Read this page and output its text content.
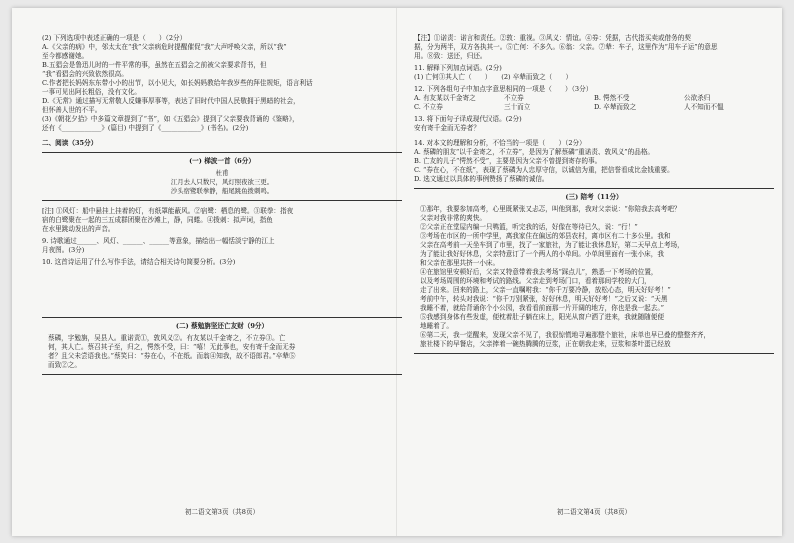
(2) 下列选项中表述正确的一项是（　　）（2分）
A.《父亲的病》中，邻太太在“我”父亲病危时提醒催促“我”大声呼唤父亲，所以“我”
至今都感谢她。
B.五猖会是鲁迅儿时的一件平常的事，虽然在五猖会之前被父亲要求背书，但
“我”看猖会的兴致依然很高。
C.作者把长妈妈东东带小小的出节，以小见大，如长妈妈教给年我岁些的拜佳规矩，语言利话
一事可见出阿长粗俗，没有文化。
D.《无常》通过描写无常敬人反嫌事厚事等，表达了旧时代中国人民敬拥于黑暗的社会，
但怀善人世的不平。
(3)《朝花夕拾》中多篇文章提到了“书”，如《五猖会》提到了父亲要我背诵的《鉴略》，
还有《____________》(篇目) 中提到了《____________》(书名)。(2分)
二、阅读（35分）
(一) 梯波一首（6分）
杜甫
江月去人只数尺，风灯照夜欲三更。
沙头宿鹭联拳静，船尾跳鱼拨刺鸣。
[注] ①风灯：船中悬挂上挂着的灯，有纸罩能蔽风。②宿鹭：栖息的鹭。③联拳：指夜
宿的白鹭聚在一起的三五成群团聚在沙滩上，静，同蜷。④拨刺：拟声词，指鱼
在水里跳动发出的声音。
9. 诗歌通过______、风灯、______、______等意象，描绘出一幅恬淡宁静的江上
月夜图。(3分)
10. 这首诗运用了什么写作手法，请结合相关诗句简要分析。(3分)
(二) 蔡勉旃坚还亡友财（9分）
蔡磷，字勉旃，吴县人。重诺责①，敦风义②。有友某以千金寄之，不立券③。亡
何，其人亡。蔡召其子至，归之，愕然不受，曰：“嘻！无此事也，安有寄千金而无券
者？且父未尝语我也。”蔡笑曰：“券在心，不在纸。而翁④知我，故不语郎君。”卒辇⑤
而致②之。
【注】①诺责：诺言和责任。②敦：重视。③风义：情谊。④券：凭据，古代指买卖或借务的契
据，分为两半，双方各执其一。⑤亡何：不多久。⑥翁：父亲。⑦辇：车子，这里作为“用车子运”的意思
用。⑧致：送还，归还。
11. 解释下列加点词语。(2分)
(1) 亡何③其人亡（　　）　　(2) 卒辇而致之（　　）
12. 下列各组句子中加点字意思相同的一项是（　　）（3分）
A. 有友某以千金寄之	不立券	B. 愕然不受	公欲杀归
C. 不立券	三十而立	D. 卒辇而致之	人不知而不愠
13. 将下面句子译成现代汉语。(2分)
安有寄千金而无券者？
14. 对本文的理解和分析，不恰当的一项是（　　）（2分）
A. 蔡磷的朋友“以千金寄之，不立券”，是因为了解蔡磷“重诺责、敦风义”的品格。
B. 亡友的儿子“愕然不受”，主要是因为父亲不曾提到寄存的事。
C. “券在心，不在纸”，表现了蔡磷为人忠厚守信，以诚信为重，把信誉看成比金钱重要。
D. 选文通过以具体的事例赞扬了蔡磷的诚信。
(三) 陪考（11分）
①那年，我要参加高考，心里既紧张又忐忑，叫他到那，我对父亲说：“你陪我去高考吧？
父亲对我非常的爽快。
②父亲正在堂屋内编一只鸭篮，听完我的话，好像在等待已久，说：“行！”
③考场在市区的一所中学里，离我家住在偏远的郊县农村，离市区有二十多公里。我和
父亲在高考前一天坐车到了市里，找了一家旅社，为了能让我休息好，第二天早点上考场，
为了能让我好好休息，父亲特意订了一个两人的小单间。小单间里面有一张小床，我
和父亲在那里共挤一小床。
④在旅馆里安顿好后，父亲又特意带着我去考场“踩点儿”，熟悉一下考场的位置，
以及考场周围的环境和考试的路线。父亲走到考场门口，看着那间学校的大门，
走了出来。回来的路上，父亲一直嘱咐我：“你千万要冷静，放松心态，明天好好考！”
考前中午，转头对我说：“你千万别紧张，好好休息，明天好好考！”之后又说：“天黑
我睡不着，就给背诵你个小公园，我看看前面那一片开阔的地方，你也是我一起去。”
⑤我感到身体有些发虚，便枕着肚子躺在床上，阳光从窗户洒了进来，我就随随便便
地睡着了。
⑥第二天，我一觉醒来，发现父亲不见了，我很惊慌地寻遍那整个旅社，床单也早已叠的整整齐齐，
旅社楼下的早餐店，父亲捧着一碗热腾腾的豆浆，正在朝我走来，豆浆和茶叶蛋已经放
初二语文第3页（共8页）	初二语文第4页（共8页）
